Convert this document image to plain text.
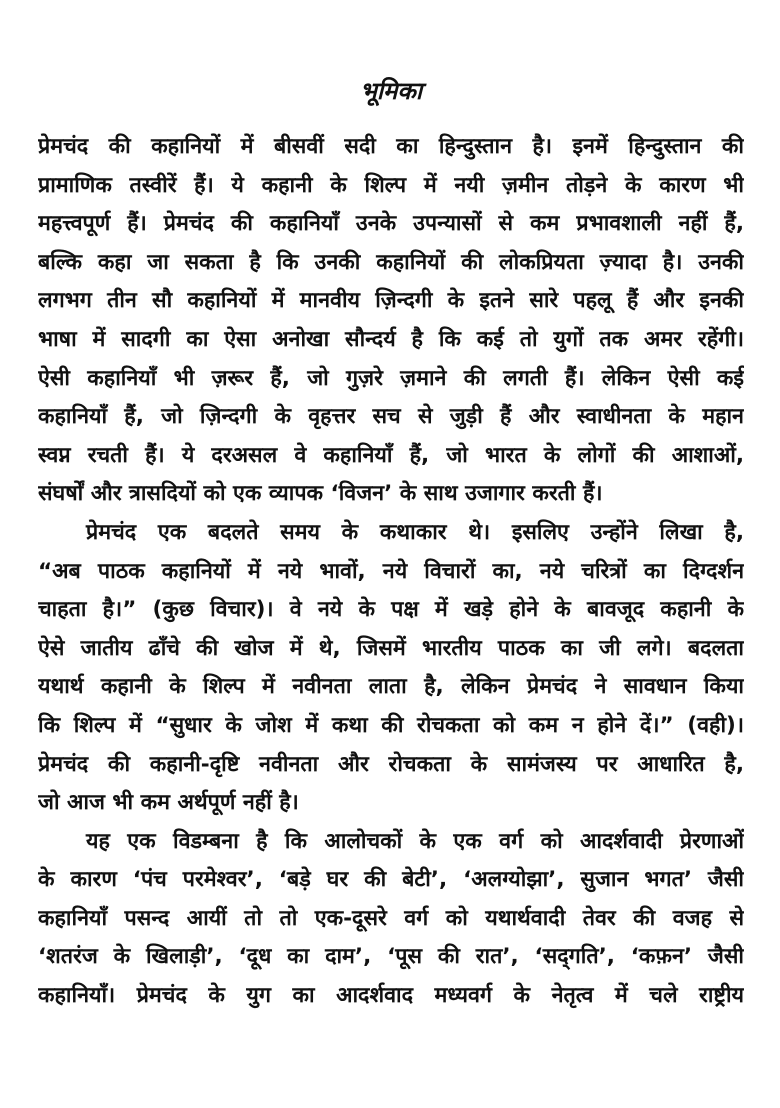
भूमिका
प्रेमचंद की कहानियों में बीसवीं सदी का हिन्दुस्तान है। इनमें हिन्दुस्तान की
प्रामाणिक तस्वीरें हैं। ये कहानी के शिल्प में नयी ज़मीन तोड़ने के कारण भी
महत्त्वपूर्ण हैं। प्रेमचंद की कहानियाँ उनके उपन्यासों से कम प्रभावशाली नहीं हैं,
बल्कि कहा जा सकता है कि उनकी कहानियों की लोकप्रियता ज़्यादा है। उनकी
लगभग तीन सौ कहानियों में मानवीय ज़िन्दगी के इतने सारे पहलू हैं और इनकी
भाषा में सादगी का ऐसा अनोखा सौन्दर्य है कि कई तो युगों तक अमर रहेंगी।
ऐसी कहानियाँ भी ज़रूर हैं, जो गुज़रे ज़माने की लगती हैं। लेकिन ऐसी कई
कहानियाँ हैं, जो ज़िन्दगी के वृहत्तर सच से जुड़ी हैं और स्वाधीनता के महान
स्वप्न रचती हैं। ये दरअसल वे कहानियाँ हैं, जो भारत के लोगों की आशाओं,
संघर्षों और त्रासदियों को एक व्यापक ‘विजन’ के साथ उजागार करती हैं।
प्रेमचंद एक बदलते समय के कथाकार थे। इसलिए उन्होंने लिखा है,
“अब पाठक कहानियों में नये भावों, नये विचारों का, नये चरित्रों का दिग्दर्शन
चाहता है।” (कुछ विचार)। वे नये के पक्ष में खड़े होने के बावजूद कहानी के
ऐसे जातीय ढाँचे की खोज में थे, जिसमें भारतीय पाठक का जी लगे। बदलता
यथार्थ कहानी के शिल्प में नवीनता लाता है, लेकिन प्रेमचंद ने सावधान किया
कि शिल्प में “सुधार के जोश में कथा की रोचकता को कम न होने दें।” (वही)।
प्रेमचंद की कहानी-दृष्टि नवीनता और रोचकता के सामंजस्य पर आधारित है,
जो आज भी कम अर्थपूर्ण नहीं है।
यह एक विडम्बना है कि आलोचकों के एक वर्ग को आदर्शवादी प्रेरणाओं
के कारण ‘पंच परमेश्वर’, ‘बड़े घर की बेटी’, ‘अलग्योझा’, सुजान भगत’ जैसी
कहानियाँ पसन्द आयीं तो तो एक-दूसरे वर्ग को यथार्थवादी तेवर की वजह से
‘शतरंज के खिलाड़ी’, ‘दूध का दाम’, ‘पूस की रात’, ‘सद्‌गति’, ‘कफ़न’ जैसी
कहानियाँ। प्रेमचंद के युग का आदर्शवाद मध्यवर्ग के नेतृत्व में चले राष्ट्रीय
